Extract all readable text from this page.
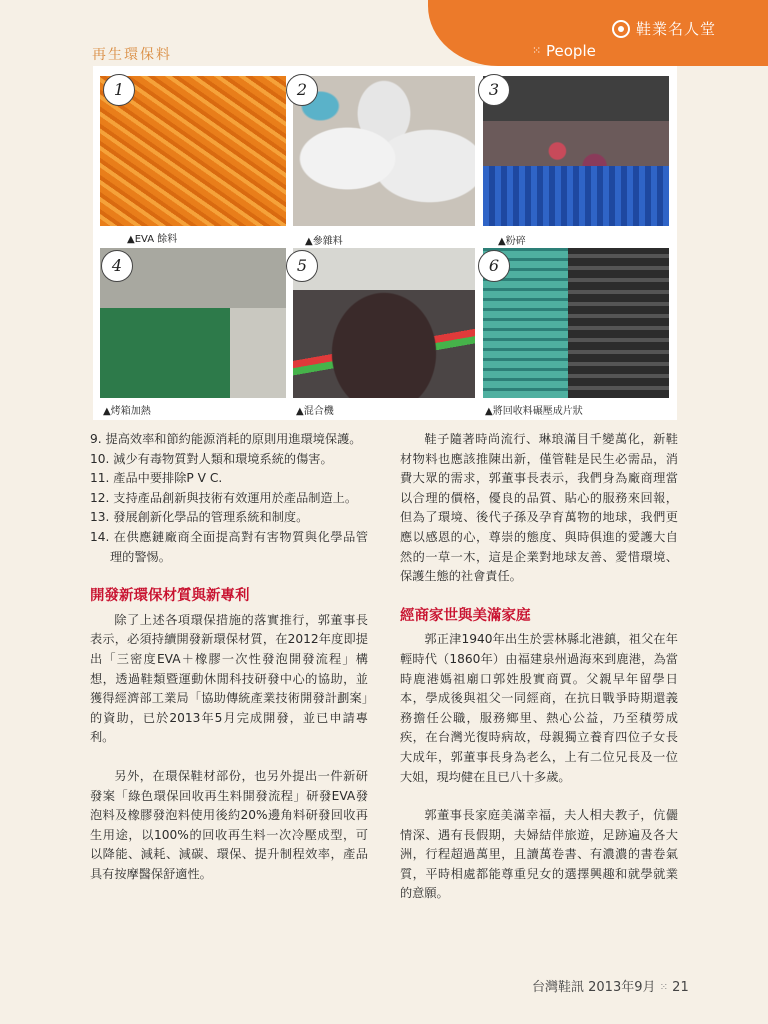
鞋業名人堂
⁙ People
再生環保料
1
▲EVA 餘料
2
▲參雜料
3
▲粉碎
4
▲烤箱加熱
5
▲混合機
6
▲將回收料碾壓成片狀

9. 提高效率和節約能源消耗的原則用進環境保護。

10. 減少有毒物質對人類和環境系統的傷害。

11. 產品中要排除P V C.

12. 支持產品創新與技術有效運用於產品制造上。

13. 發展創新化學品的管理系統和制度。

14. 在供應鏈廠商全面提高對有害物質與化學品管理的警惕。

開發新環保材質與新專利

除了上述各項環保措施的落實推行，郭董事長表示，必須持續開發新環保材質，在2012年度即提出「三密度EVA＋橡膠一次性發泡開發流程」構想，透過鞋類暨運動休閒科技研發中心的協助，並獲得經濟部工業局「協助傳統產業技術開發計劃案」的資助，已於2013年5月完成開發，並已申請專利。

另外，在環保鞋材部份，也另外提出一件新研發案「綠色環保回收再生料開發流程」研發EVA發泡料及橡膠發泡料使用後約20%邊角料研發回收再生用途，以100%的回收再生料一次冷壓成型，可以降能、減耗、減碳、環保、提升制程效率，產品具有按摩醫保舒適性。

鞋子隨著時尚流行、琳琅滿目千變萬化，新鞋材物料也應該推陳出新，僅管鞋是民生必需品，消費大眾的需求，郭董事長表示，我們身為廠商理當以合理的價格，優良的品質、貼心的服務來回報，但為了環境、後代子孫及孕育萬物的地球，我們更應以感恩的心，尊崇的態度、與時俱進的愛護大自然的一草一木，這是企業對地球友善、愛惜環境、保護生態的社會責任。

經商家世與美滿家庭

郭正津1940年出生於雲林縣北港鎮，祖父在年輕時代（1860年）由福建泉州過海來到鹿港，為當時鹿港媽祖廟口郭姓殷實商賈。父親早年留學日本，學成後與祖父一同經商，在抗日戰爭時期還義務擔任公職，服務鄉里、熱心公益，乃至積勞成疾，在台灣光復時病故，母親獨立養育四位子女長大成年，郭董事長身為老么，上有二位兄長及一位大姐，現均健在且已八十多歲。

郭董事長家庭美滿幸福，夫人相夫教子，伉儷情深、遇有長假期，夫婦結伴旅遊，足跡遍及各大洲，行程超過萬里，且讀萬卷書、有濃濃的書卷氣質，平時相處都能尊重兒女的選擇興趣和就學就業的意願。

台灣鞋訊 2013年9月 ⁙ 21
